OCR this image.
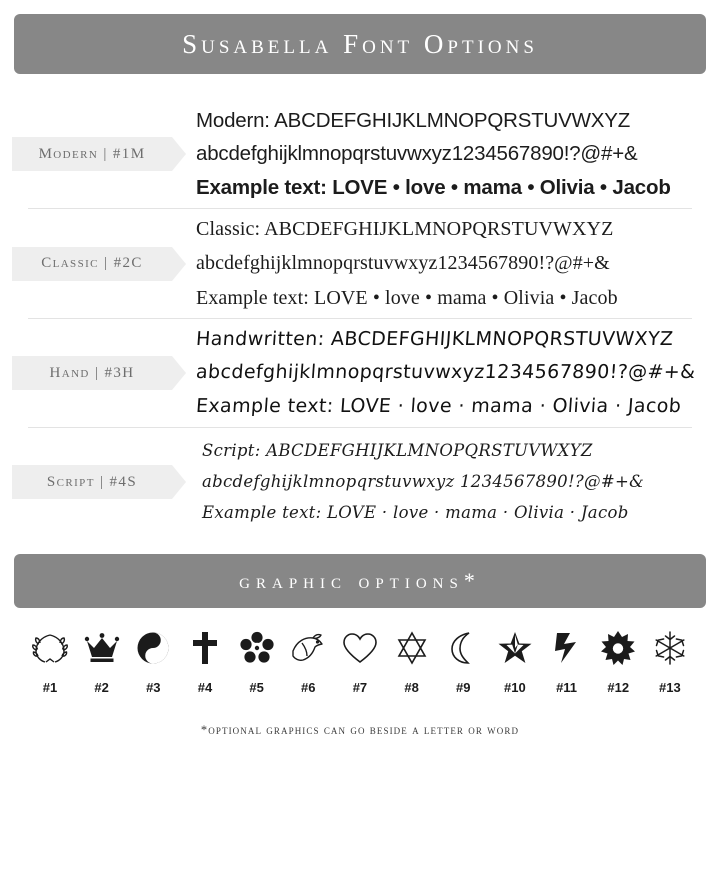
Susabella Font Options
Modern | #1M
Modern: ABCDEFGHIJKLMNOPQRSTUVWXYZ
abcdefghijklmnopqrstuvwxyz1234567890!?@#+&
Example text: LOVE • love • mama • Olivia • Jacob
Classic | #2C
Classic: ABCDEFGHIJKLMNOPQRSTUVWXYZ
abcdefghijklmnopqrstuvwxyz1234567890!?@#+&
Example text: LOVE • love • mama • Olivia • Jacob
Hand | #3H
Handwritten: ABCDEFGHIJKLMNOPQRSTUVWXYZ
abcdefghijklmnopqrstuvwxyz1234567890!?@#+&
Example text: LOVE · love · mama · Olivia · Jacob
Script | #4S
Script: ABCDEFGHIJKLMNOPQRSTUVWXYZ
abcdefghijklmnopqrstuvwxyz 1234567890!?@#+&
Example text: LOVE · love · mama · Olivia · Jacob
graphic options*
#1	#2	#3	#4	#5	#6	#7	#8	#9	#10 #11 #12 #13
*optional graphics can go beside a letter or word
